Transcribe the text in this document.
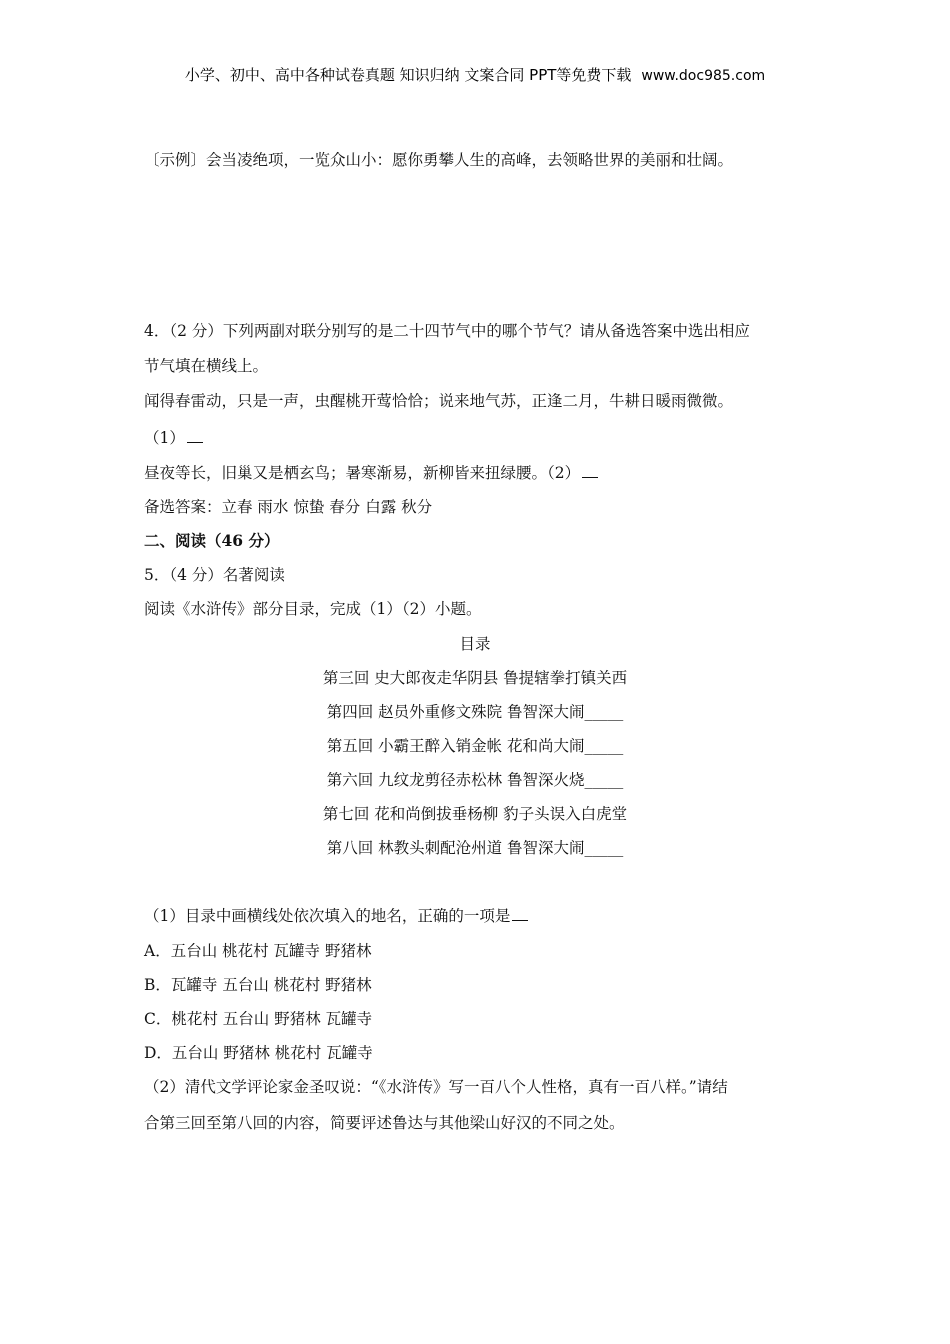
小学、初中、高中各种试卷真题 知识归纳 文案合同 PPT等免费下载 www.doc985.com
〔示例〕会当凌绝项，一览众山小：愿你勇攀人生的高峰，去领略世界的美丽和壮阔。
4．（2 分）下列两副对联分别写的是二十四节气中的哪个节气？请从备选答案中选出相应
节气填在横线上。
闻得春雷动，只是一声，虫醒桃开莺恰恰；说来地气苏，正逢二月，牛耕日暖雨微微。
（1）
昼夜等长，旧巢又是栖玄鸟；暑寒渐易，新柳皆来扭绿腰。（2）
备选答案：立春 雨水 惊蛰 春分 白露 秋分
二、阅读（46 分）
5．（4 分）名著阅读
阅读《水浒传》部分目录，完成（1）（2）小题。
目录
第三回 史大郎夜走华阴县 鲁提辖拳打镇关西
第四回 赵员外重修文殊院 鲁智深大闹_____
第五回 小霸王醉入销金帐 花和尚大闹_____
第六回 九纹龙剪径赤松林 鲁智深火烧_____
第七回 花和尚倒拔垂杨柳 豹子头误入白虎堂
第八回 林教头刺配沧州道 鲁智深大闹_____
（1）目录中画横线处依次填入的地名，正确的一项是
A．五台山 桃花村 瓦罐寺 野猪林
B．瓦罐寺 五台山 桃花村 野猪林
C．桃花村 五台山 野猪林 瓦罐寺
D．五台山 野猪林 桃花村 瓦罐寺
（2）清代文学评论家金圣叹说：“《水浒传》写一百八个人性格，真有一百八样。”请结
合第三回至第八回的内容，简要评述鲁达与其他梁山好汉的不同之处。
